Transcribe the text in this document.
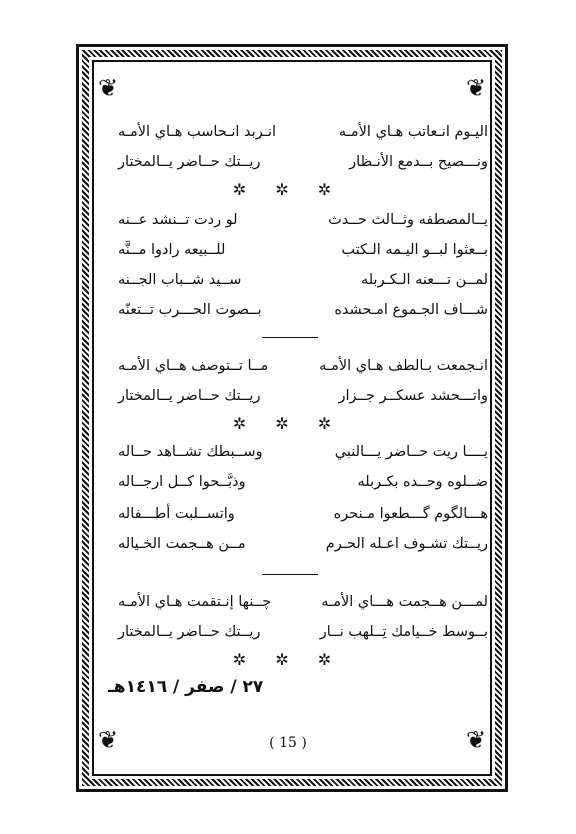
❦	❦
❦	❦
اليـوم انـعاتب هـاي الأمـه
انـربد انـحاسب هـاي الأمـه
ونـــصيح بــدمع الأنـظار
ريــتك حــاضر يــالمختار
✲ ✲ ✲
يــالمصطفه وثــالث حــدث
لو ردت تــنشد عــنه
بــعثوا لبــو اليـمه الـكتب
للــبيعه رادوا مــنَّه
لمــن تـــعنه الـكـربله
ســيد شــباب الجــنه
شـــاف الجـموع امـحشده
بــصوت الحـــرب تــتعنّه
انـجمعت بـالطف هـاي الأمـه
مــا تــتوصف هــاي الأمـه
واتـــحشد عسكــر جــزار
ريــتك حــاضر يــالمختار
✲ ✲ ✲
يــــا ريت حــاضر يـــالنبي
وســبطك تشــاهد حــاله
ضــلوه وحــده بكـربله
وذبَّــحوا كــل ارجــاله
هـــالگوم گـــطعوا مـنحره
واتســلبت أطـــفاله
ريــتك تشـوف اعـله الحـرم
مــن هــجمت الخـياله
لمـــن هــجمت هـــاي الأمـه
چــنها إنـتقمت هـاي الأمـه
بــوسط خــيامك تِــلهب نــار
ريــتك حــاضر يــالمختار
✲ ✲ ✲
٢٧ / صفر / ١٤١٦هـ
( 15 )
